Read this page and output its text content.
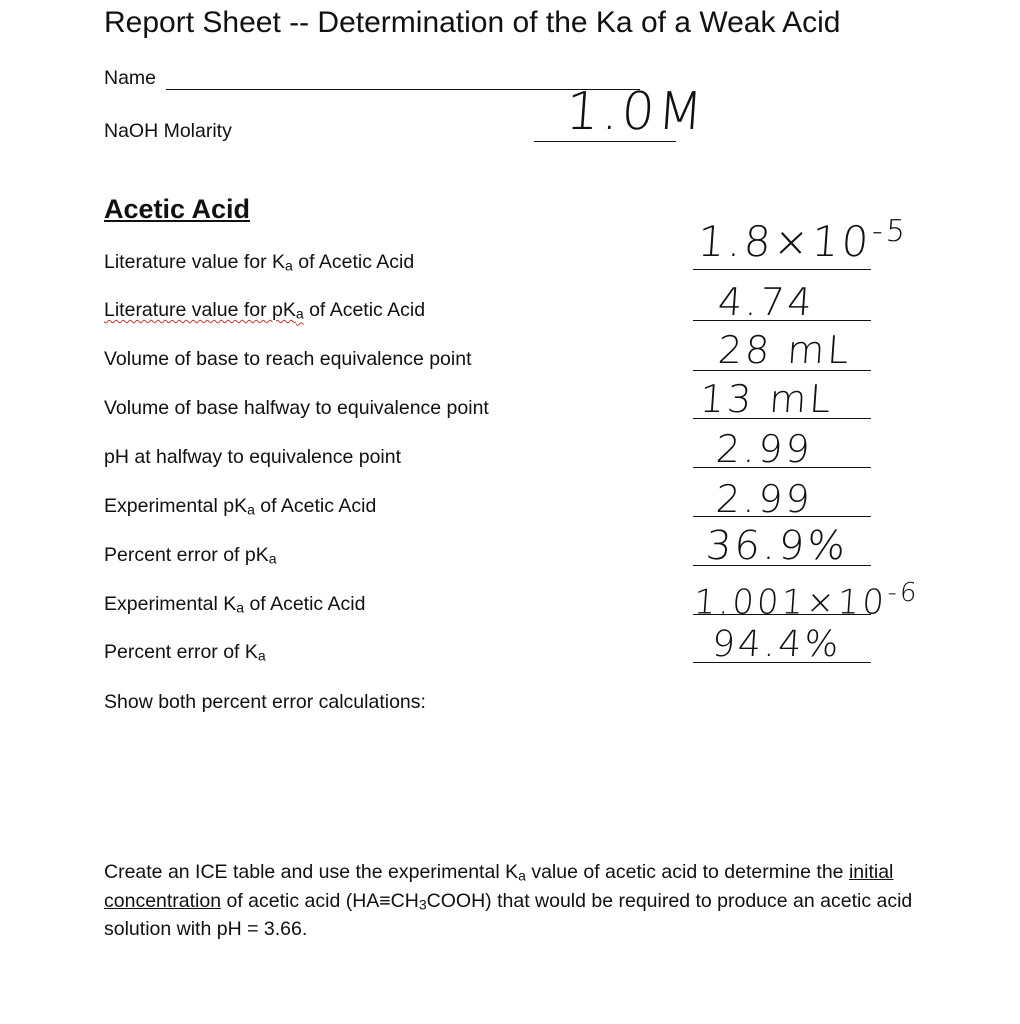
Report Sheet -- Determination of the Ka of a Weak Acid
Name
NaOH Molarity	1.0M
Acetic Acid
Literature value for $K_a$ of Acetic Acid	$1.8\times 10^{-5}$
Literature value for $pK_a$ of Acetic Acid	4.74
Volume of base to reach equivalence point	28 mL
Volume of base halfway to equivalence point	13 mL
pH at halfway to equivalence point	2.99
Experimental $pK_a$ of Acetic Acid	2.99
Percent error of $pK_a$	36.9%
Experimental $K_a$ of Acetic Acid	$1.001\times 10^{-6}$
Percent error of $K_a$	94.4%
Show both percent error calculations:
Create an ICE table and use the experimental $K_a$ value of acetic acid to determine the initial concentration of acetic acid $(HA\equiv CH_3COOH)$ that would be required to produce an acetic acid solution with pH = 3.66.
